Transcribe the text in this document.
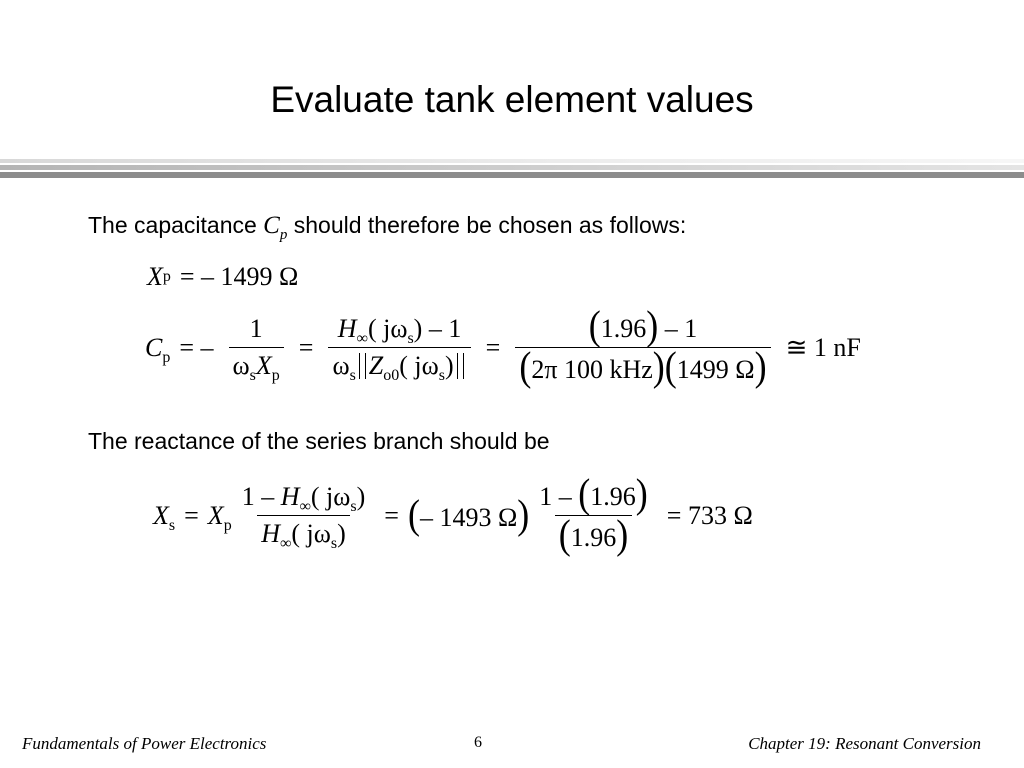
Evaluate tank element values
The capacitance $C_p$ should therefore be chosen as follows:
X p = – 1499 Ω
$C_p$ = – $\frac{1}{\omega_sX_p} = \frac{H_\infty( j\omega_s) - 1}{\omega_s Z_{o0}( j\omega_s)} = \frac{(1.96) - 1}{\text{(2π 100 kHz)(1499 Ω)}}$ ≅ 1 nF
The reactance of the series branch should be
$X_s = X_p \frac{1 - H_\infty( j\omega_s)}{H_\infty( j\omega_s)}$ = (– 1493 $\Omega) \frac{1 - (1.96)}{(1.96)} = 733$ Ω
Fundamentals of Power Electronics	6	Chapter 19: Resonant Conversion
